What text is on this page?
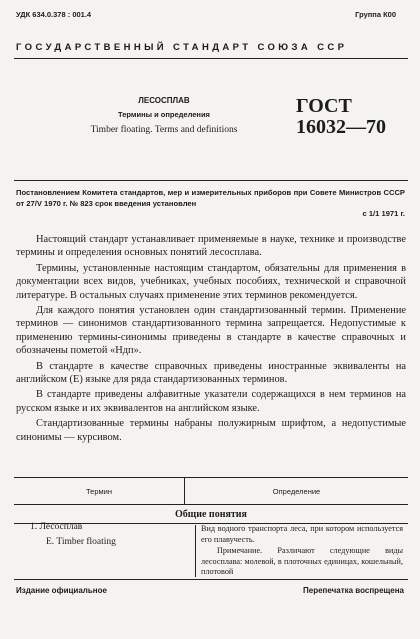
УДК 634.0.378 : 001.4	Группа К00
ГОСУДАРСТВЕННЫЙ СТАНДАРТ СОЮЗА ССР
ЛЕСОСПЛАВ
Термины и определения
Timber floating. Terms and definitions
ГОСТ
16032—70
Постановлением Комитета стандартов, мер и измерительных приборов при Совете Министров СССР от 27/V 1970 г. № 823 срок введения установлен
с 1/1 1971 г.

Настоящий стандарт устанавливает применяемые в науке, технике и производстве термины и определения основных понятий лесосплава.

Термины, установленные настоящим стандартом, обязательны для применения в документации всех видов, учебниках, учебных пособиях, технической и справочной литературе. В остальных случаях применение этих терминов рекомендуется.

Для каждого понятия установлен один стандартизованный термин. Применение терминов — синонимов стандартизованного термина запрещается. Недопустимые к применению термины-синонимы приведены в стандарте в качестве справочных и обозначены пометой «Ндп».

В стандарте в качестве справочных приведены иностранные эквиваленты на английском (Е) языке для ряда стандартизованных терминов.

В стандарте приведены алфавитные указатели содержащихся в нем терминов на русском языке и их эквивалентов на английском языке.

Стандартизованные термины набраны полужирным шрифтом, а недопустимые синонимы — курсивом.

Термин	Определение
Общие понятия
1. Лесосплав
E. Timber floating
Вид водного транспорта леса, при котором используется его плавучесть.
Примечание. Различают следующие виды лесосплава: молевой, в плоточных единицах, кошельный, плотовой
Издание официальное	Перепечатка воспрещена
